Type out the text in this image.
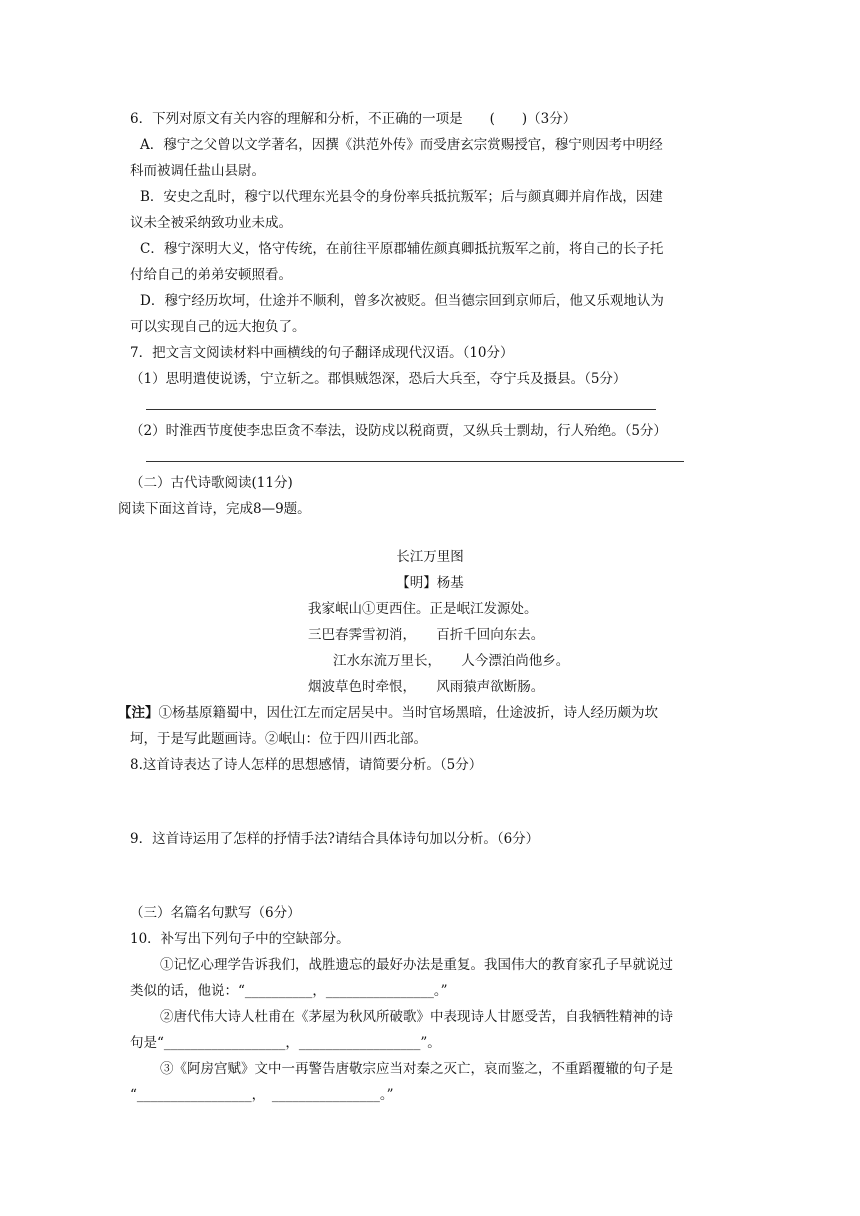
6．下列对原文有关内容的理解和分析，不正确的一项是　　(　　)（3分）
A．穆宁之父曾以文学著名，因撰《洪范外传》而受唐玄宗赏赐授官，穆宁则因考中明经
科而被调任盐山县尉。
B．安史之乱时，穆宁以代理东光县令的身份率兵抵抗叛军；后与颜真卿并肩作战，因建
议未全被采纳致功业未成。
C．穆宁深明大义，恪守传统，在前往平原郡辅佐颜真卿抵抗叛军之前，将自己的长子托
付给自己的弟弟安顿照看。
D．穆宁经历坎坷，仕途并不顺利，曾多次被贬。但当德宗回到京师后，他又乐观地认为
可以实现自己的远大抱负了。
7．把文言文阅读材料中画横线的句子翻译成现代汉语。（10分）
（1）思明遣使说诱，宁立斩之。郡惧贼怨深，恐后大兵至，夺宁兵及摄县。（5分）
（2）时淮西节度使李忠臣贪不奉法，设防戍以税商贾，又纵兵士剽劫，行人殆绝。（5分）
（二）古代诗歌阅读(11分)
阅读下面这首诗，完成8—9题。
长江万里图
【明】杨基
我家岷山①更西住。正是岷江发源处。
三巴春霁雪初消，　　百折千回向东去。
江水东流万里长，　　人今漂泊尚他乡。
烟波草色时牵恨，　　风雨猿声欲断肠。
【注】①杨基原籍蜀中，因仕江左而定居吴中。当时官场黑暗，仕途波折，诗人经历颇为坎
坷，于是写此题画诗。②岷山：位于四川西北部。
8.这首诗表达了诗人怎样的思想感情，请简要分析。（5分）
9．这首诗运用了怎样的抒情手法?请结合具体诗句加以分析。（6分）
（三）名篇名句默写（6分）
10．补写出下列句子中的空缺部分。
①记忆心理学告诉我们，战胜遗忘的最好办法是重复。我国伟大的教育家孔子早就说过
类似的话，他说：“__________，________________。”
②唐代伟大诗人杜甫在《茅屋为秋风所破歌》中表现诗人甘愿受苦，自我牺牲精神的诗
句是“__________________，__________________”。
③《阿房宫赋》文中一再警告唐敬宗应当对秦之灭亡，哀而鉴之，不重蹈覆辙的句子是
“_________________，　________________。”
